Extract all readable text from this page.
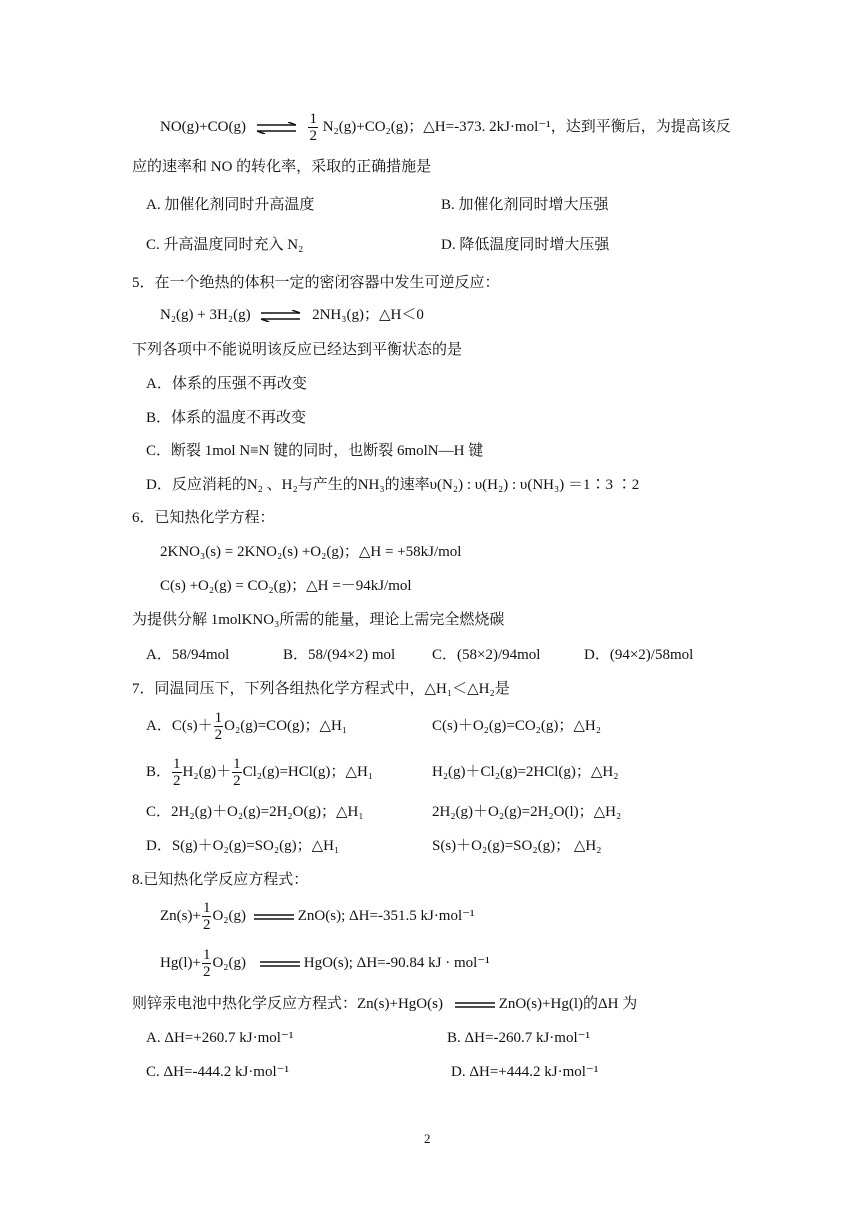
NO(g)+CO(g) ⇌ $\frac{1}{2} N_2(g)+CO_2(g)$；△H=-373. 2kJ·mol⁻¹，达到平衡后，为提高该反
应的速率和 NO 的转化率，采取的正确措施是
A. 加催化剂同时升高温度	B. 加催化剂同时增大压强
C. 升高温度同时充入 N₂	D. 降低温度同时增大压强
5．在一个绝热的体积一定的密闭容器中发生可逆反应：
N₂(g) + 3H₂(g) ⇌ 2NH₃(g)；△H＜0
下列各项中不能说明该反应已经达到平衡状态的是
A．体系的压强不再改变
B．体系的温度不再改变
C．断裂 1mol N≡N 键的同时，也断裂 6molN—H 键
D．反应消耗的N₂ 、H₂与产生的NH₃的速率υ(N₂) : υ(H₂) : υ(NH₃) ＝1∶3 ∶2
6．已知热化学方程：
2KNO₃(s) = 2KNO₂(s) +O₂(g)；△H = +58kJ/mol
C(s) +O₂(g) = CO₂(g)；△H =－94kJ/mol
为提供分解 1molKNO₃所需的能量，理论上需完全燃烧碳
A．58/94mol	B．58/(94×2) mol C．(58×2)/94mol	D．(94×2)/58mol
7．同温同压下，下列各组热化学方程式中，△H₁＜△H₂是
A．$C(s)+ \frac{1}{2} O_2(g)=CO(g)$；△H₁	C(s)＋O₂(g)=CO₂(g)；△H₂
B． $\frac{1}{2} H_2(g)+ \frac{1}{2} Cl_2(g)=HCl(g)$；△H₁	H₂(g)＋Cl₂(g)=2HCl(g)；△H₂
C．2H₂(g)＋O₂(g)=2H₂O(g)；△H₁	2H₂(g)＋O₂(g)=2H₂O(l)；△H₂
D．S(g)＋O₂(g)=SO₂(g)；△H₁	S(s)＋O₂(g)=SO₂(g)； △H₂
8.已知热化学反应方程式：
$Zn(s)+ \frac{1}{2} O_2(g)$	ZnO(s); ΔH=-351.5 kJ·mol⁻¹
$Hg(l)+ \frac{1}{2} O_2(g)$	HgO(s); ΔH=-90.84 kJ · mol⁻¹
则锌汞电池中热化学反应方程式：Zn(s)+HgO(s)	ZnO(s)+Hg(l)的ΔH 为
A. ΔH=+260.7 kJ·mol⁻¹	B. ΔH=-260.7 kJ·mol⁻¹
C. ΔH=-444.2 kJ·mol⁻¹	D. ΔH=+444.2 kJ·mol⁻¹
2
